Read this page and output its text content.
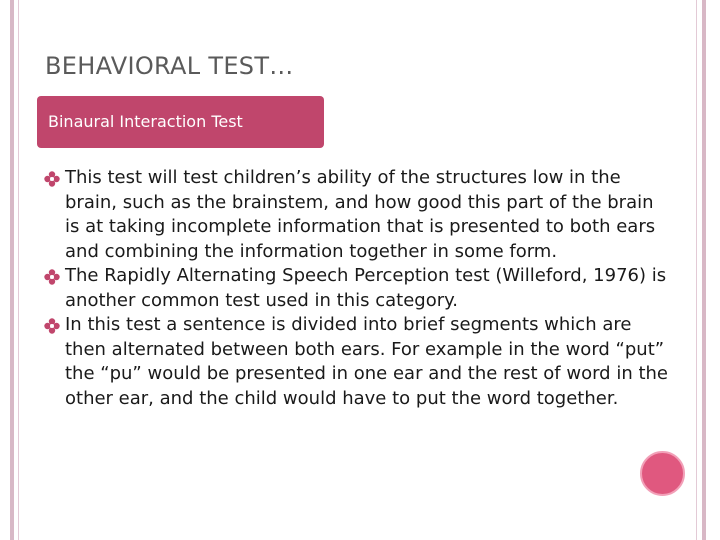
BEHAVIORAL TEST…
Binaural Interaction Test
This test will test children’s ability of the structures low in the brain, such as the brainstem, and how good this part of the brain is at taking incomplete information that is presented to both ears and combining the information together in some form.
The Rapidly Alternating Speech Perception test (Willeford, 1976) is another common test used in this category.
In this test a sentence is divided into brief segments which are then alternated between both ears. For example in the word “put” the “pu” would be presented in one ear and the rest of word in the other ear, and the child would have to put the word together.
